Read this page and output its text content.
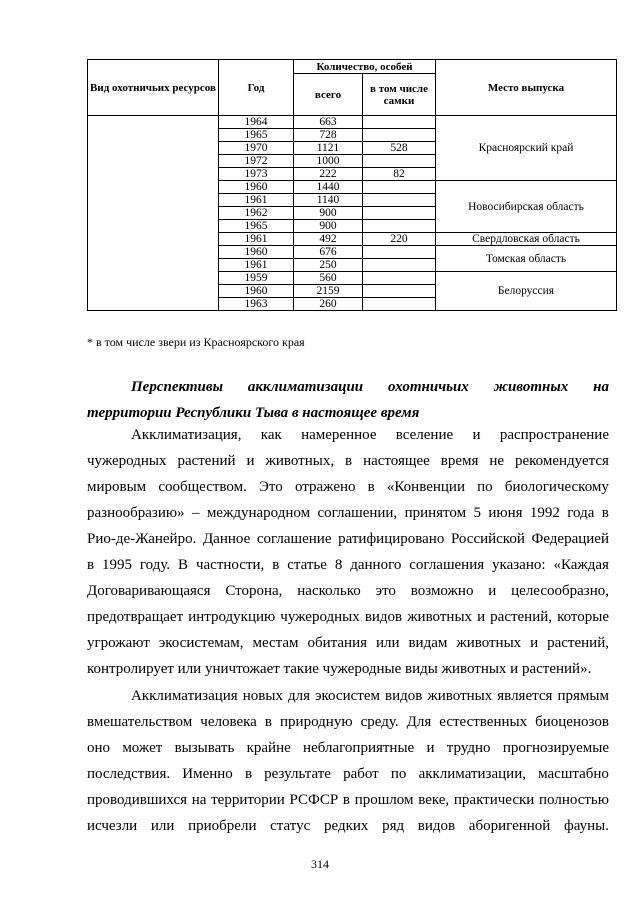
Вид охотничьих ресурсов	Год	Количество, особей		Место выпуска
		всего	в том числе самки	
	1964	663		Красноярский край
	1965	728		
	1970	1121	528	
	1972	1000		
	1973	222	82	
	1960	1440		Новосибирская область
	1961	1140		
	1962	900		
	1965	900		
	1961	492	220	Свердловская область
	1960	676		Томская область
	1961	250		
	1959	560		Белоруссия
	1960	2159		
	1963	260		
* в том числе звери из Красноярского края
Перспективы акклиматизации охотничьих животных на
территории Республики Тыва в настоящее время
Акклиматизация, как намеренное вселение и распространение
чужеродных растений и животных, в настоящее время не рекомендуется
мировым сообществом. Это отражено в «Конвенции по биологическому
разнообразию» – международном соглашении, принятом 5 июня 1992 года в
Рио-де-Жанейро. Данное соглашение ратифицировано Российской Федерацией
в 1995 году. В частности, в статье 8 данного соглашения указано: «Каждая
Договаривающаяся Сторона, насколько это возможно и целесообразно,
предотвращает интродукцию чужеродных видов животных и растений, которые
угрожают экосистемам, местам обитания или видам животных и растений,
контролирует или уничтожает такие чужеродные виды животных и растений».
Акклиматизация новых для экосистем видов животных является прямым
вмешательством человека в природную среду. Для естественных биоценозов
оно может вызывать крайне неблагоприятные и трудно прогнозируемые
последствия. Именно в результате работ по акклиматизации, масштабно
проводившихся на территории РСФСР в прошлом веке, практически полностью
исчезли или приобрели статус редких ряд видов аборигенной фауны.
314
